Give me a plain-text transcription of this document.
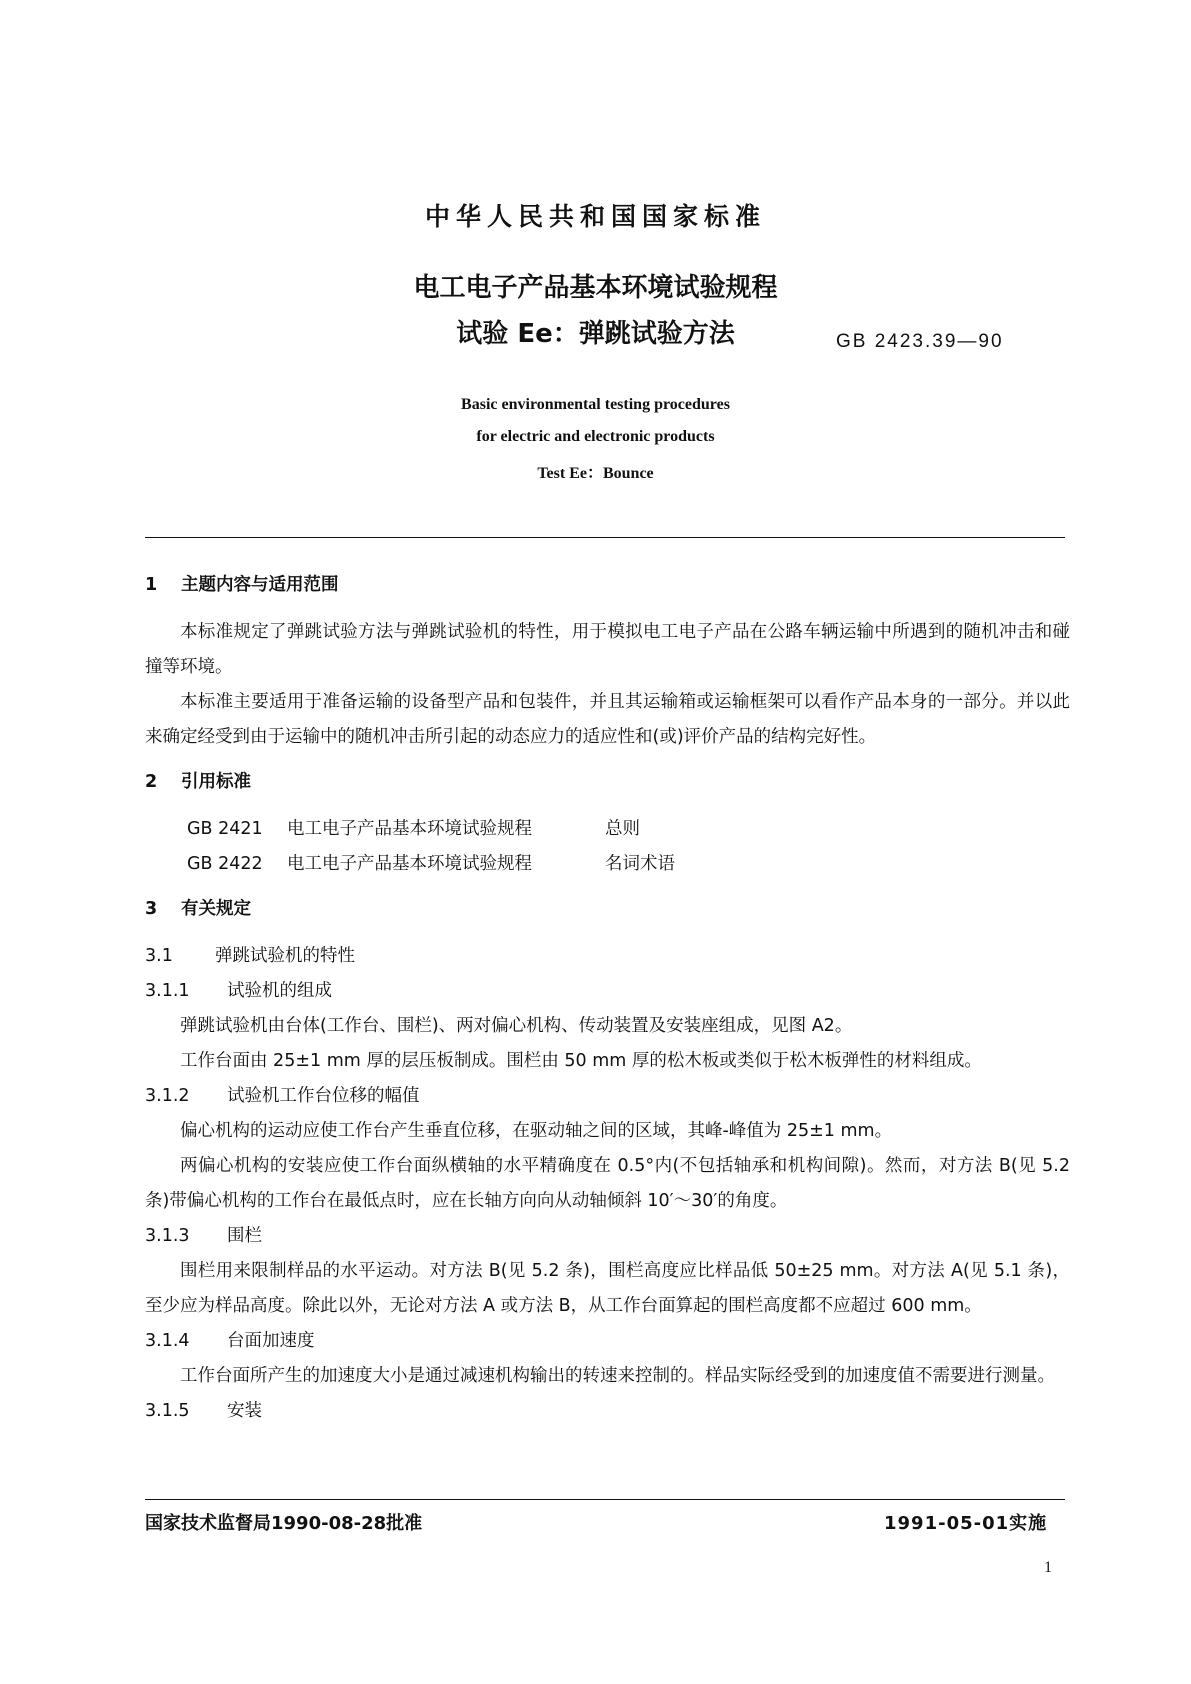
中华人民共和国国家标准
电工电子产品基本环境试验规程
试验 Ee：弹跳试验方法	GB 2423.39—90
Basic environmental testing procedures
for electric and electronic products
Test Ee：Bounce
1 主题内容与适用范围
本标准规定了弹跳试验方法与弹跳试验机的特性，用于模拟电工电子产品在公路车辆运输中所遇到的随机冲击和碰撞等环境。
本标准主要适用于准备运输的设备型产品和包装件，并且其运输箱或运输框架可以看作产品本身的一部分。并以此来确定经受到由于运输中的随机冲击所引起的动态应力的适应性和(或)评价产品的结构完好性。
2 引用标准
GB 2421 电工电子产品基本环境试验规程	总则
GB 2422 电工电子产品基本环境试验规程	名词术语
3 有关规定
3.1 弹跳试验机的特性
3.1.1 试验机的组成
弹跳试验机由台体(工作台、围栏)、两对偏心机构、传动装置及安装座组成，见图 A2。
工作台面由 25±1 mm 厚的层压板制成。围栏由 50 mm 厚的松木板或类似于松木板弹性的材料组成。
3.1.2 试验机工作台位移的幅值
偏心机构的运动应使工作台产生垂直位移，在驱动轴之间的区域，其峰-峰值为 25±1 mm。
两偏心机构的安装应使工作台面纵横轴的水平精确度在 0.5°内(不包括轴承和机构间隙)。然而，对方法 B(见 5.2 条)带偏心机构的工作台在最低点时，应在长轴方向向从动轴倾斜 10′～30′的角度。
3.1.3 围栏
围栏用来限制样品的水平运动。对方法 B(见 5.2 条)，围栏高度应比样品低 50±25 mm。对方法 A(见 5.1 条)，至少应为样品高度。除此以外，无论对方法 A 或方法 B，从工作台面算起的围栏高度都不应超过 600 mm。
3.1.4 台面加速度
工作台面所产生的加速度大小是通过减速机构输出的转速来控制的。样品实际经受到的加速度值不需要进行测量。
3.1.5 安装
国家技术监督局1990-08-28批准	1991-05-01实施
1
